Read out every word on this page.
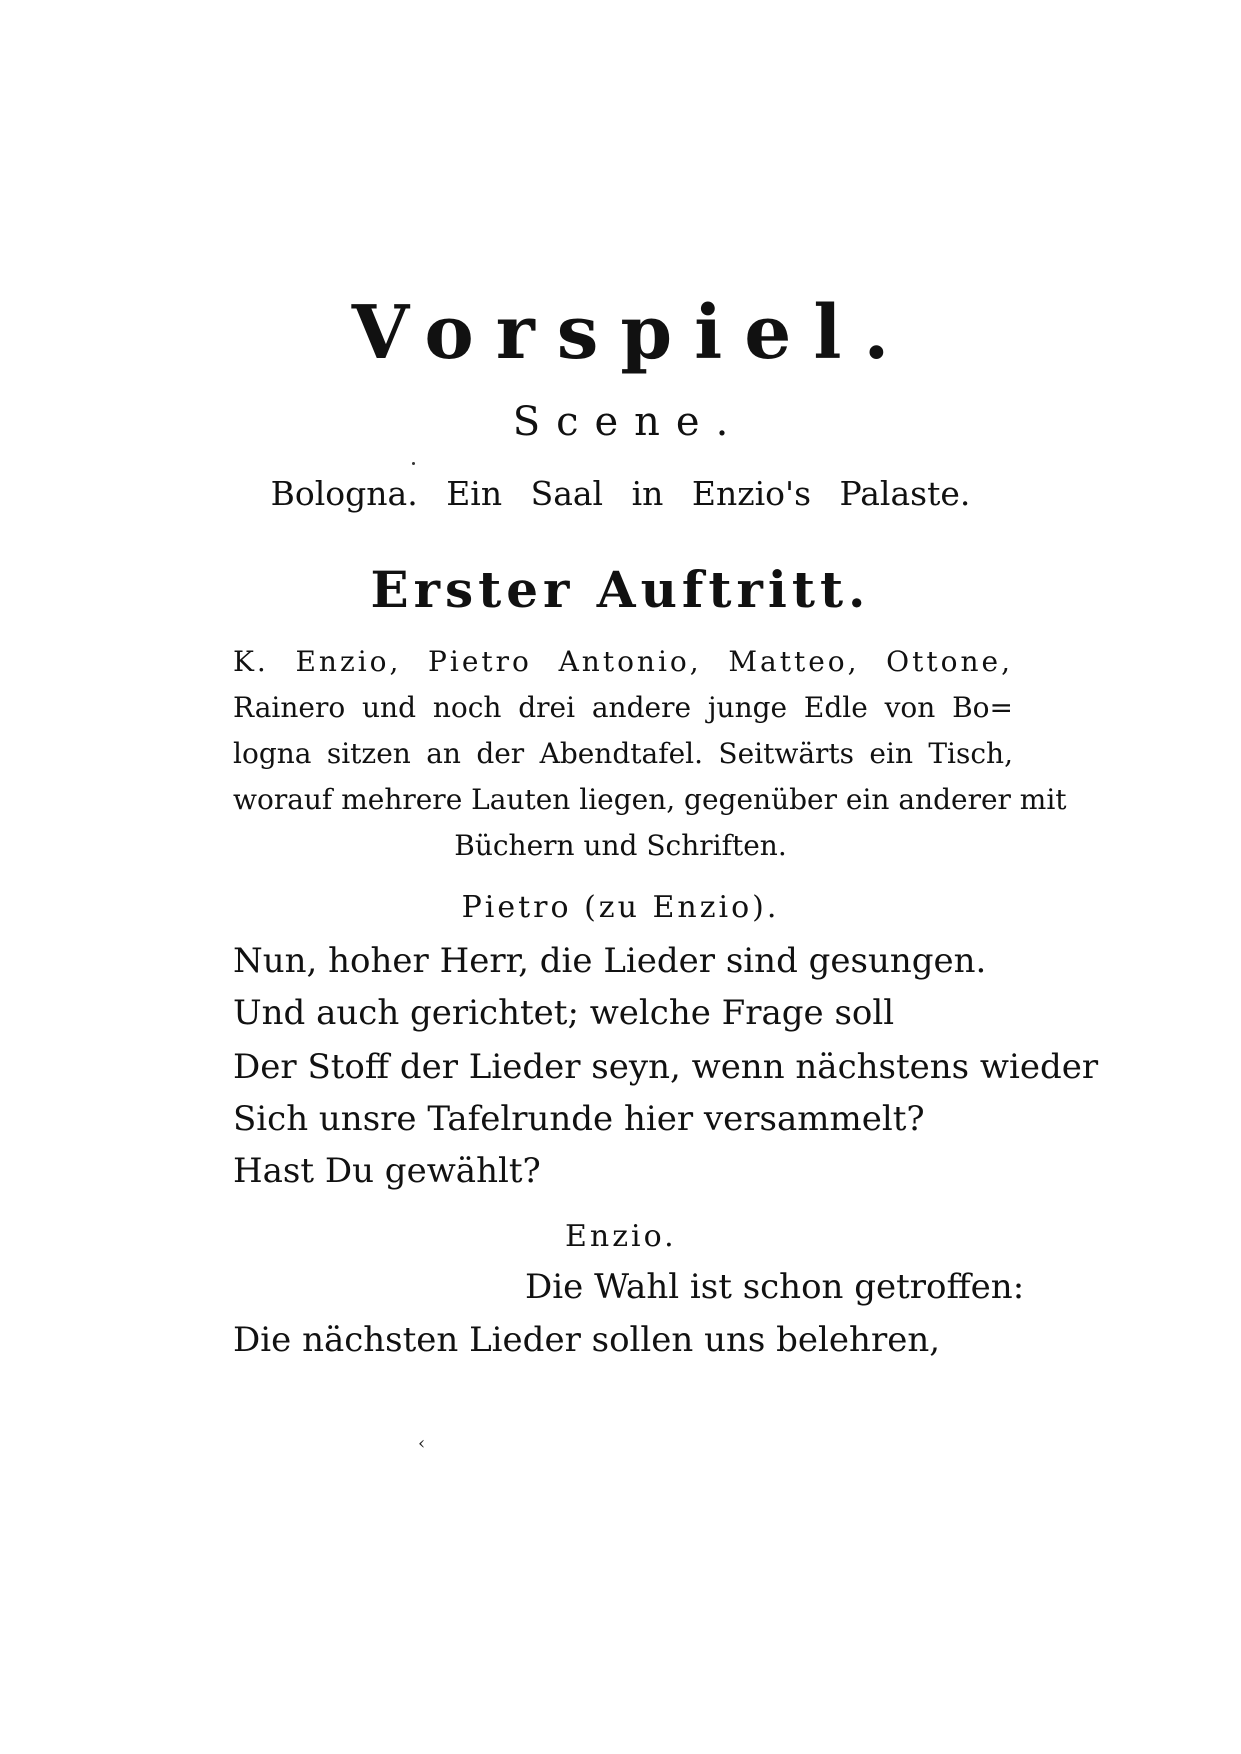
Vorspiel.
Scene.
Bologna. Ein Saal in Enzio's Palaste.
Erster Auftritt.
K. Enzio, Pietro Antonio, Matteo, Ottone,
Rainero und noch drei andere junge Edle von Bo=
logna sitzen an der Abendtafel. Seitwärts ein Tisch,
worauf mehrere Lauten liegen, gegenüber ein anderer mit
Büchern und Schriften.
Pietro (zu Enzio).
Nun, hoher Herr, die Lieder sind gesungen.
Und auch gerichtet; welche Frage soll
Der Stoff der Lieder seyn, wenn nächstens wieder
Sich unsre Tafelrunde hier versammelt?
Hast Du gewählt?
Enzio.
Die Wahl ist schon getroffen:
Die nächsten Lieder sollen uns belehren,
‹
